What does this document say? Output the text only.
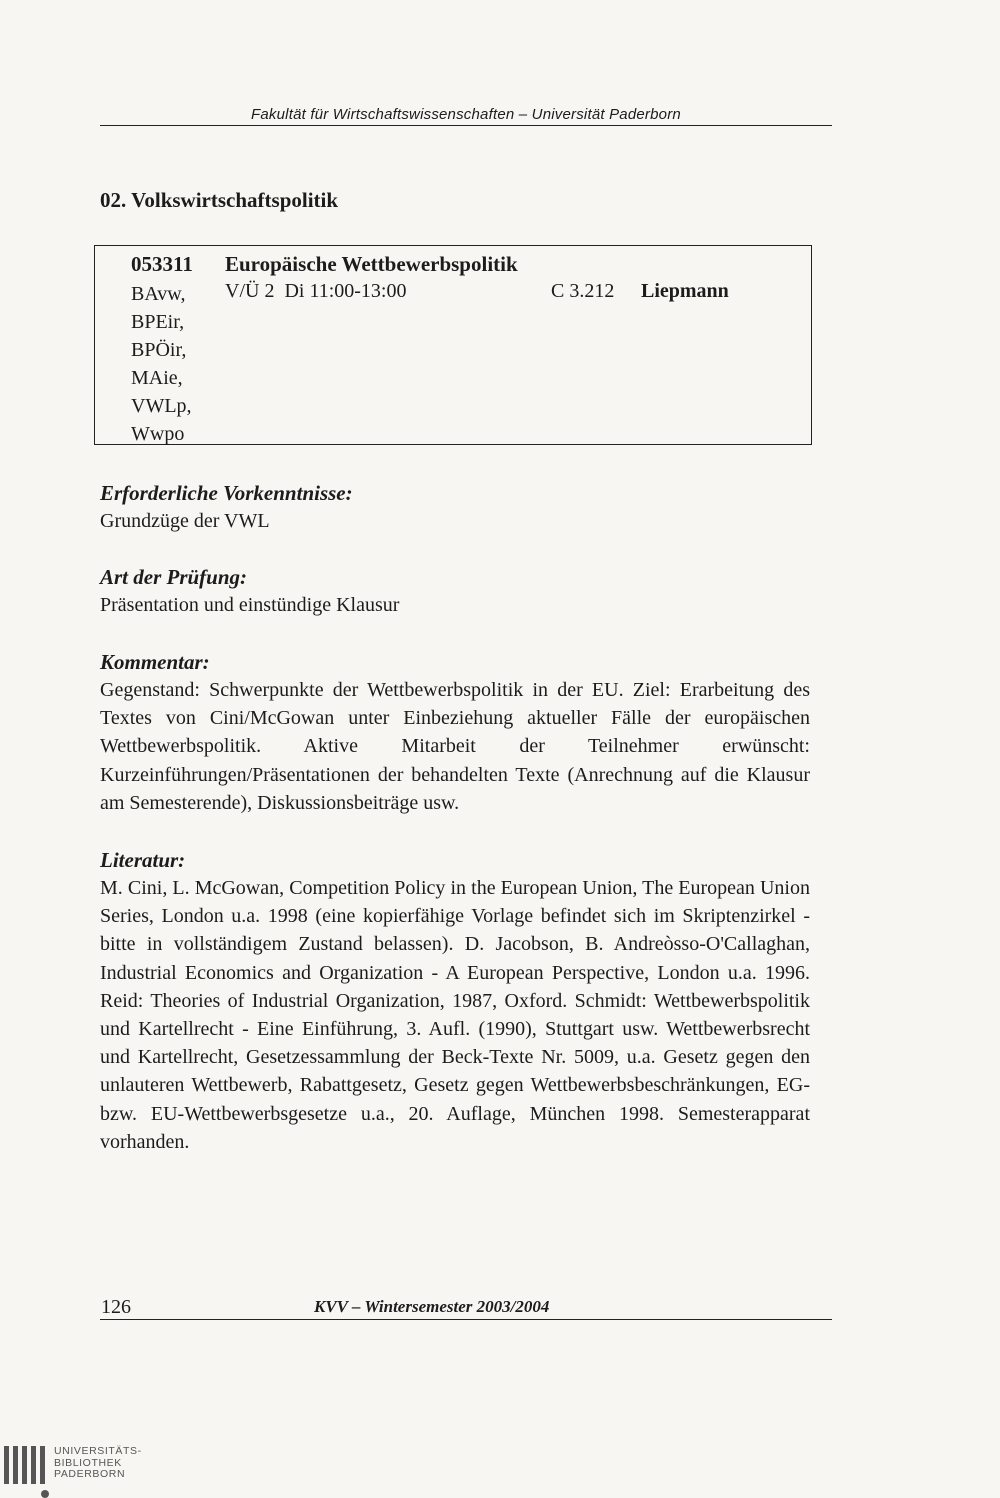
Fakultät für Wirtschaftswissenschaften – Universität Paderborn
02. Volkswirtschaftspolitik
053311 Europäische Wettbewerbspolitik
BAvw,
BPEir,
BPÖir,
MAie,
VWLp,
Wwpo
V/Ü 2  Di 11:00-13:00	C 3.212 Liepmann
Erforderliche Vorkenntnisse:
Grundzüge der VWL
Art der Prüfung:
Präsentation und einstündige Klausur
Kommentar:
Gegenstand: Schwerpunkte der Wettbewerbspolitik in der EU. Ziel: Erarbeitung des Textes von Cini/McGowan unter Einbeziehung aktueller Fälle der europäischen Wettbewerbspolitik. Aktive Mitarbeit der Teilnehmer erwünscht: Kurzeinführungen/Präsentationen der behandelten Texte (Anrechnung auf die Klausur am Semesterende), Diskussionsbeiträge usw.
Literatur:
M. Cini, L. McGowan, Competition Policy in the European Union, The European Union Series, London u.a. 1998 (eine kopierfähige Vorlage befindet sich im Skriptenzirkel - bitte in vollständigem Zustand belassen). D. Jacobson, B. Andreòsso-O'Callaghan, Industrial Economics and Organization - A European Perspective, London u.a. 1996. Reid: Theories of Industrial Organization, 1987, Oxford. Schmidt: Wettbewerbspolitik und Kartellrecht - Eine Einführung, 3. Aufl. (1990), Stuttgart usw. Wettbewerbsrecht und Kartellrecht, Gesetzessammlung der Beck-Texte Nr. 5009, u.a. Gesetz gegen den unlauteren Wettbewerb, Rabattgesetz, Gesetz gegen Wettbewerbsbeschränkungen, EG- bzw. EU-Wettbewerbsgesetze u.a., 20. Auflage, München 1998. Semesterapparat vorhanden.
126	KVV – Wintersemester 2003/2004
UNIVERSITÄTS-
BIBLIOTHEK
PADERBORN
